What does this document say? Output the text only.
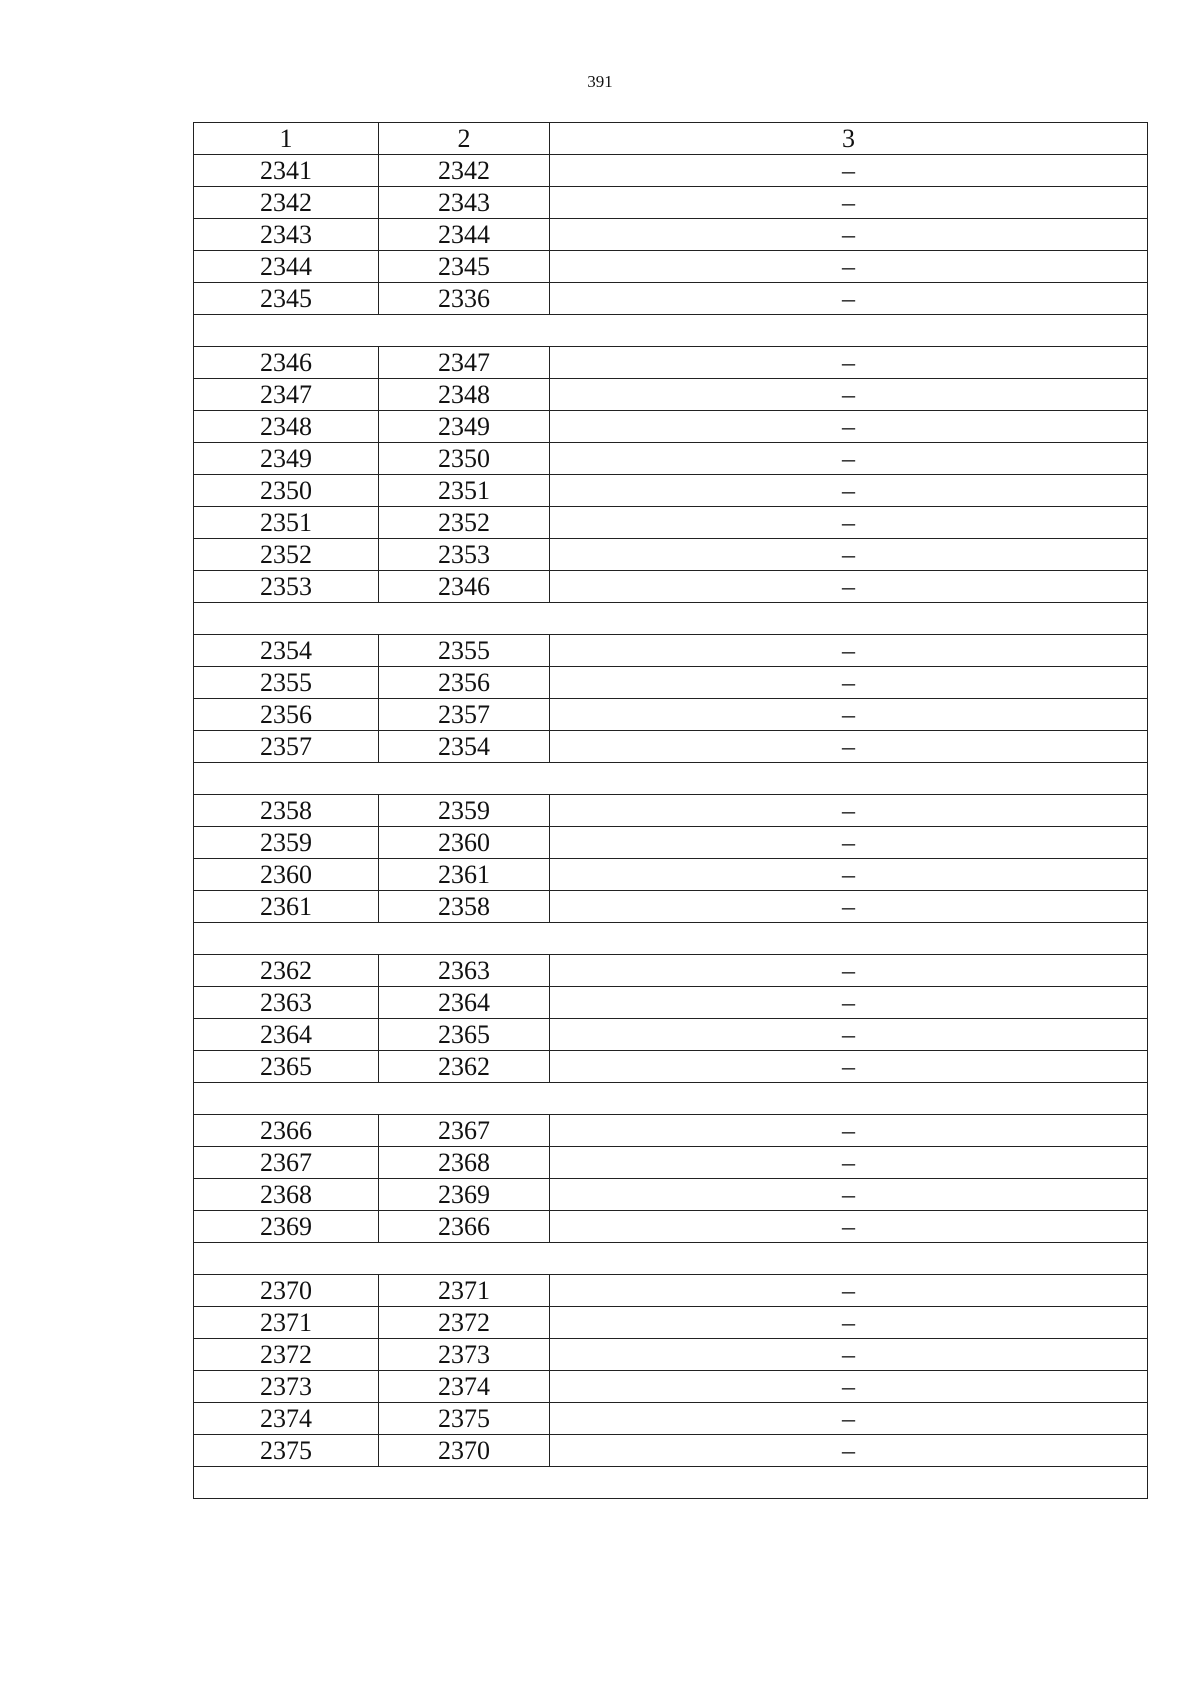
391
1	2	3
2341	2342	–
2342	2343	–
2343	2344	–
2344	2345	–
2345	2336	–

2346	2347	–
2347	2348	–
2348	2349	–
2349	2350	–
2350	2351	–
2351	2352	–
2352	2353	–
2353	2346	–

2354	2355	–
2355	2356	–
2356	2357	–
2357	2354	–

2358	2359	–
2359	2360	–
2360	2361	–
2361	2358	–

2362	2363	–
2363	2364	–
2364	2365	–
2365	2362	–

2366	2367	–
2367	2368	–
2368	2369	–
2369	2366	–

2370	2371	–
2371	2372	–
2372	2373	–
2373	2374	–
2374	2375	–
2375	2370	–
